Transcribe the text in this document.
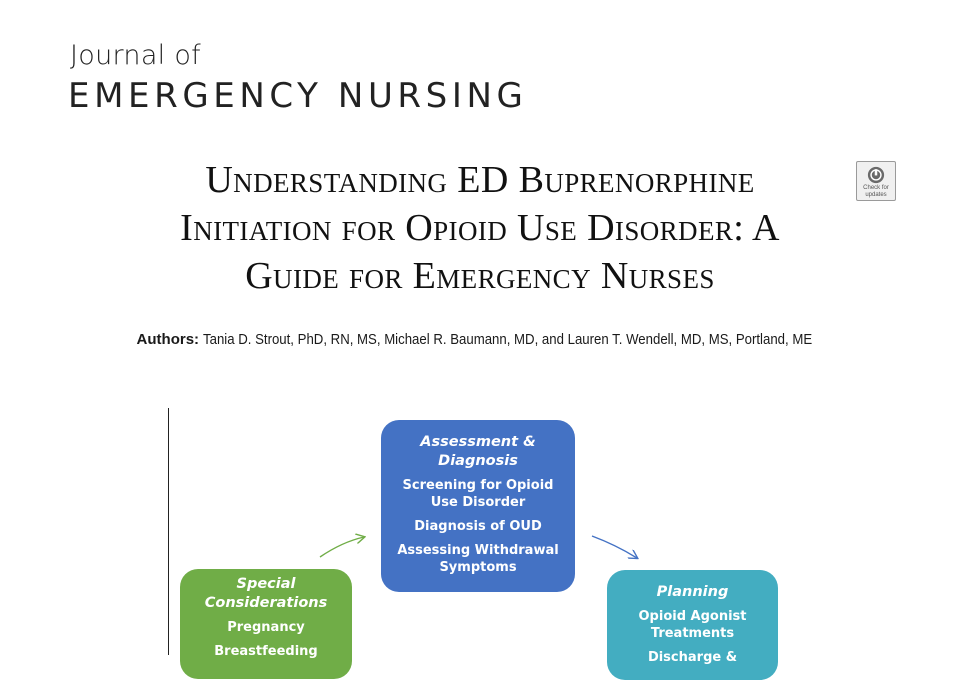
Journal of
EMERGENCY NURSING
Understanding ED Buprenorphine
Initiation for Opioid Use Disorder: A
Guide for Emergency Nurses
Check for
updates
Authors: Tania D. Strout, PhD, RN, MS, Michael R. Baumann, MD, and Lauren T. Wendell, MD, MS, Portland, ME
Assessment & Diagnosis
Screening for Opioid Use Disorder
Diagnosis of OUD
Assessing Withdrawal Symptoms
Special Considerations
Pregnancy
Breastfeeding
Planning
Opioid Agonist Treatments
Discharge &
